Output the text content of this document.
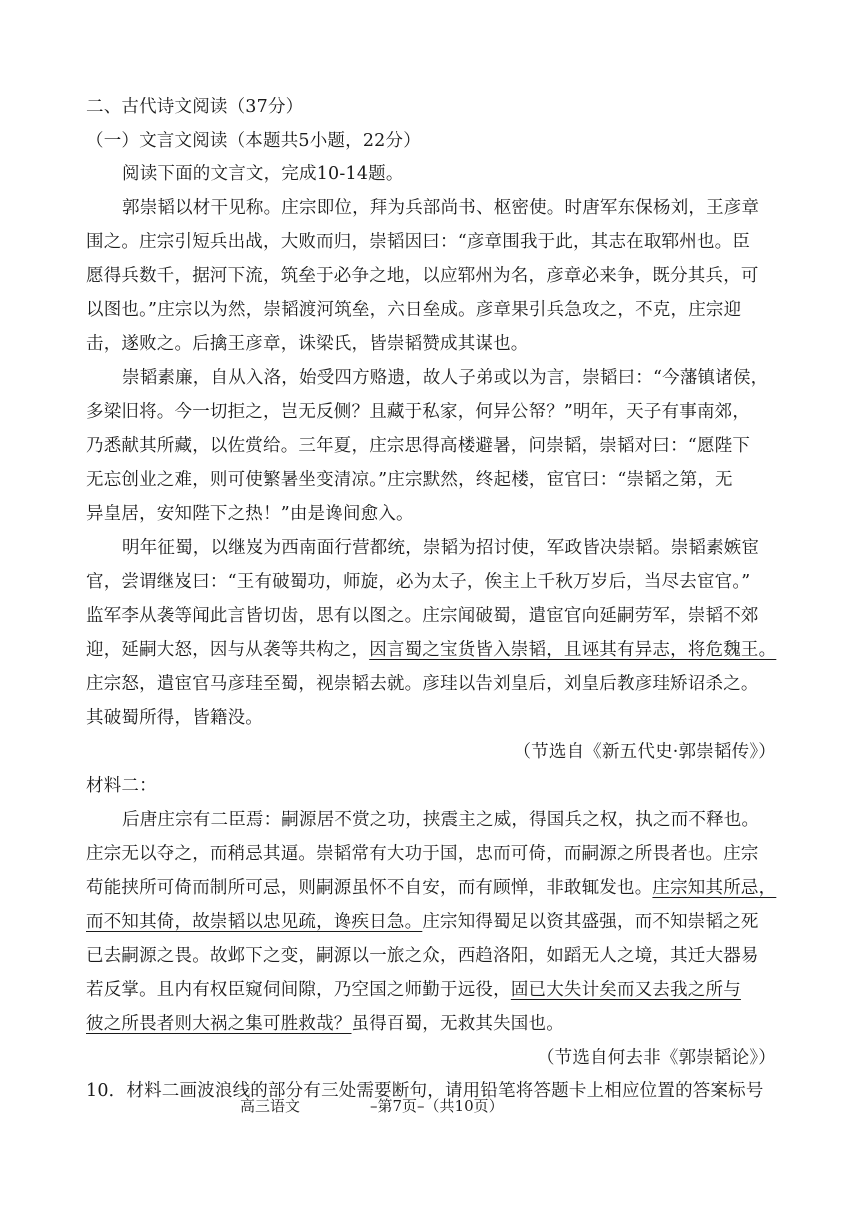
二、古代诗文阅读（37分）
（一）文言文阅读（本题共5小题，22分）
阅读下面的文言文，完成10-14题。
郭崇韬以材干见称。庄宗即位，拜为兵部尚书、枢密使。时唐军东保杨刘，王彦章
围之。庄宗引短兵出战，大败而归，崇韬因曰：“彦章围我于此，其志在取郓州也。臣
愿得兵数千，据河下流，筑垒于必争之地，以应郓州为名，彦章必来争，既分其兵，可
以图也。”庄宗以为然，崇韬渡河筑垒，六日垒成。彦章果引兵急攻之，不克，庄宗迎
击，遂败之。后擒王彦章，诛梁氏，皆崇韬赞成其谋也。
崇韬素廉，自从入洛，始受四方赂遗，故人子弟或以为言，崇韬曰：“今藩镇诸侯，
多梁旧将。今一切拒之，岂无反侧？且藏于私家，何异公帑？”明年，天子有事南郊，
乃悉献其所藏，以佐赏给。三年夏，庄宗思得高楼避暑，问崇韬，崇韬对曰：“愿陛下
无忘创业之难，则可使繁暑坐变清凉。”庄宗默然，终起楼，宦官曰：“崇韬之第，无
异皇居，安知陛下之热！”由是谗间愈入。
明年征蜀，以继岌为西南面行营都统，崇韬为招讨使，军政皆决崇韬。崇韬素嫉宦
官，尝谓继岌曰：“王有破蜀功，师旋，必为太子，俟主上千秋万岁后，当尽去宦官。”
监军李从袭等闻此言皆切齿，思有以图之。庄宗闻破蜀，遣宦官向延嗣劳军，崇韬不郊
迎，延嗣大怒，因与从袭等共构之，因言蜀之宝货皆入崇韬，且诬其有异志，将危魏王。
庄宗怒，遣宦官马彦珪至蜀，视崇韬去就。彦珪以告刘皇后，刘皇后教彦珪矫诏杀之。
其破蜀所得，皆籍没。
（节选自《新五代史·郭崇韬传》）
材料二：
后唐庄宗有二臣焉：嗣源居不赏之功，挟震主之威，得国兵之权，执之而不释也。
庄宗无以夺之，而稍忌其逼。崇韬常有大功于国，忠而可倚，而嗣源之所畏者也。庄宗
苟能挟所可倚而制所可忌，则嗣源虽怀不自安，而有顾惮，非敢辄发也。庄宗知其所忌，
而不知其倚，故崇韬以忠见疏，谗疾日急。庄宗知得蜀足以资其盛强，而不知崇韬之死
已去嗣源之畏。故邺下之变，嗣源以一旅之众，西趋洛阳，如蹈无人之境，其迁大器易
若反掌。且内有权臣窥伺间隙，乃空国之师勤于远役，固已大失计矣而又去我之所与
彼之所畏者则大祸之集可胜救哉？虽得百蜀，无救其失国也。
（节选自何去非《郭崇韬论》）
10．材料二画波浪线的部分有三处需要断句，请用铅笔将答题卡上相应位置的答案标号
高三语文	–第7页–（共10页）
